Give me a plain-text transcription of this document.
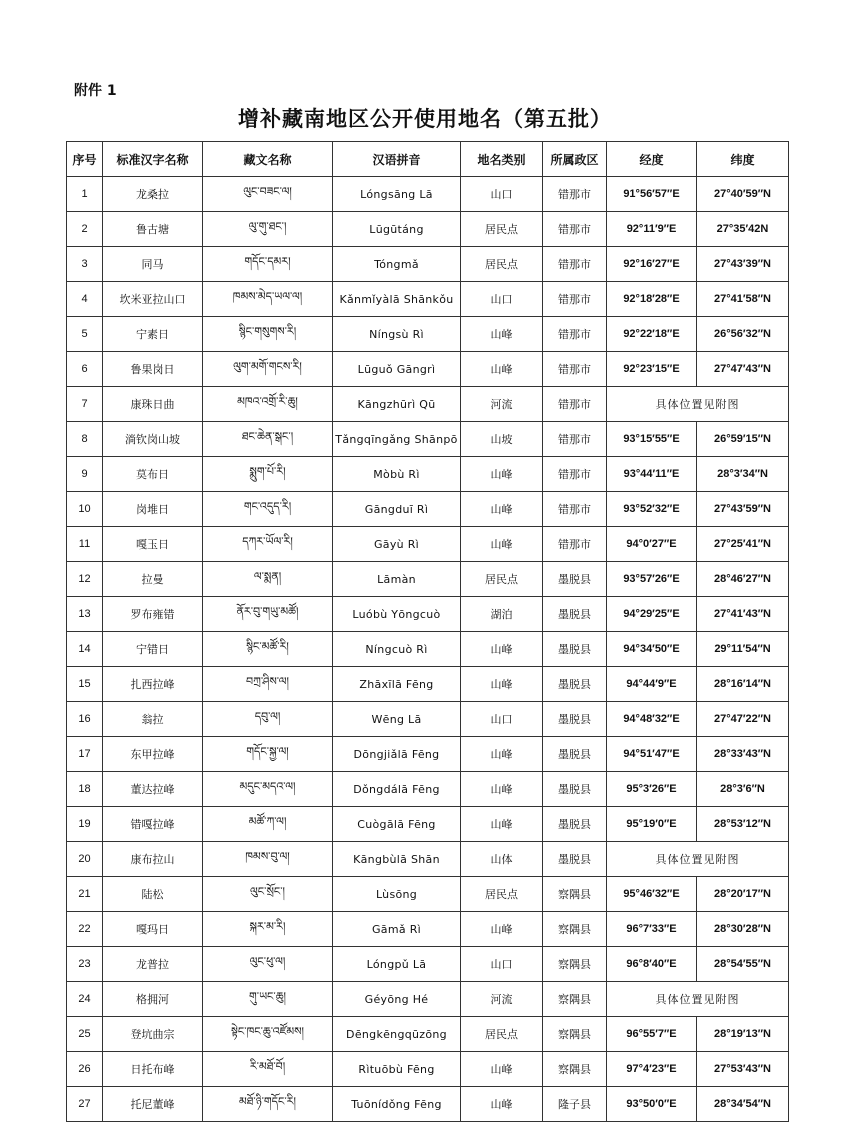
附件 1
增补藏南地区公开使用地名（第五批）
序号	标准汉字名称	藏文名称	汉语拼音	地名类别	所属政区	经度	纬度
1	龙桑拉	ལུང་བཟང་ལ།	Lóngsāng Lā	山口	错那市	91°56′57″E	27°40′59″N
2	鲁古塘	ལུ་གུ་ཐང་།	Lūgūtáng	居民点	错那市	92°11′9″E	27°35′42N
3	同马	གདོང་དམར།	Tóngmǎ	居民点	错那市	92°16′27″E	27°43′39″N
4	坎米亚拉山口	ཁམས་མེད་ཡལ་ལ།	Kǎnmǐyàlā Shānkǒu	山口	错那市	92°18′28″E	27°41′58″N
5	宁素日	སྙིང་གསུགས་རི།	Níngsù Rì	山峰	错那市	92°22′18″E	26°56′32″N
6	鲁果岗日	ལུག་མགོ་གངས་རི།	Lūguǒ Gāngrì	山峰	错那市	92°23′15″E	27°47′43″N
7	康珠日曲	མཁའ་འགྲོ་རི་ཆུ།	Kāngzhūrì Qū	河流	错那市	具体位置见附图	
8	淌钦岗山坡	ཐང་ཆེན་སྒང་།	Tǎngqīngǎng Shānpō	山坡	错那市	93°15′55″E	26°59′15″N
9	莫布日	སྨུག་པོ་རི།	Mòbù Rì	山峰	错那市	93°44′11″E	28°3′34″N
10	岗堆日	གང་འདུད་རི།	Gāngduī Rì	山峰	错那市	93°52′32″E	27°43′59″N
11	嘎玉日	དཀར་ཡོལ་རི།	Gāyù Rì	山峰	错那市	94°0′27″E	27°25′41″N
12	拉曼	ལ་སྨན།	Lāmàn	居民点	墨脱县	93°57′26″E	28°46′27″N
13	罗布雍错	ནོར་བུ་གཡུ་མཚོ།	Luóbù Yōngcuò	湖泊	墨脱县	94°29′25″E	27°41′43″N
14	宁错日	སྙིང་མཚོ་རི།	Níngcuò Rì	山峰	墨脱县	94°34′50″E	29°11′54″N
15	扎西拉峰	བཀྲ་ཤིས་ལ།	Zhāxīlā Fēng	山峰	墨脱县	94°44′9″E	28°16′14″N
16	翁拉	དབུ་ལ།	Wēng Lā	山口	墨脱县	94°48′32″E	27°47′22″N
17	东甲拉峰	གདོང་སྐྱ་ལ།	Dōngjiǎlā Fēng	山峰	墨脱县	94°51′47″E	28°33′43″N
18	董达拉峰	མདུང་མདའ་ལ།	Dǒngdálā Fēng	山峰	墨脱县	95°3′26″E	28°3′6″N
19	错嘎拉峰	མཚོ་ཀ་ལ།	Cuògālā Fēng	山峰	墨脱县	95°19′0″E	28°53′12″N
20	康布拉山	ཁམས་བུ་ལ།	Kāngbùlā Shān	山体	墨脱县	具体位置见附图	
21	陆松	ལུང་སྲོང་།	Lùsōng	居民点	察隅县	95°46′32″E	28°20′17″N
22	嘎玛日	སྐར་མ་རི།	Gāmǎ Rì	山峰	察隅县	96°7′33″E	28°30′28″N
23	龙普拉	ལུང་ཕུ་ལ།	Lóngpǔ Lā	山口	察隅县	96°8′40″E	28°54′55″N
24	格拥河	གུ་ཡང་ཆུ།	Géyōng Hé	河流	察隅县	具体位置见附图	
25	登坑曲宗	སྟེང་ཁང་ཆུ་འཛོམས།	Dēngkēngqūzōng	居民点	察隅县	96°55′7″E	28°19′13″N
26	日托布峰	རི་མཐོ་བོ།	Rìtuōbù Fēng	山峰	察隅县	97°4′23″E	27°53′43″N
27	托尼董峰	མཐོ་ཉི་གདོང་རི།	Tuōnídǒng Fēng	山峰	隆子县	93°50′0″E	28°34′54″N
